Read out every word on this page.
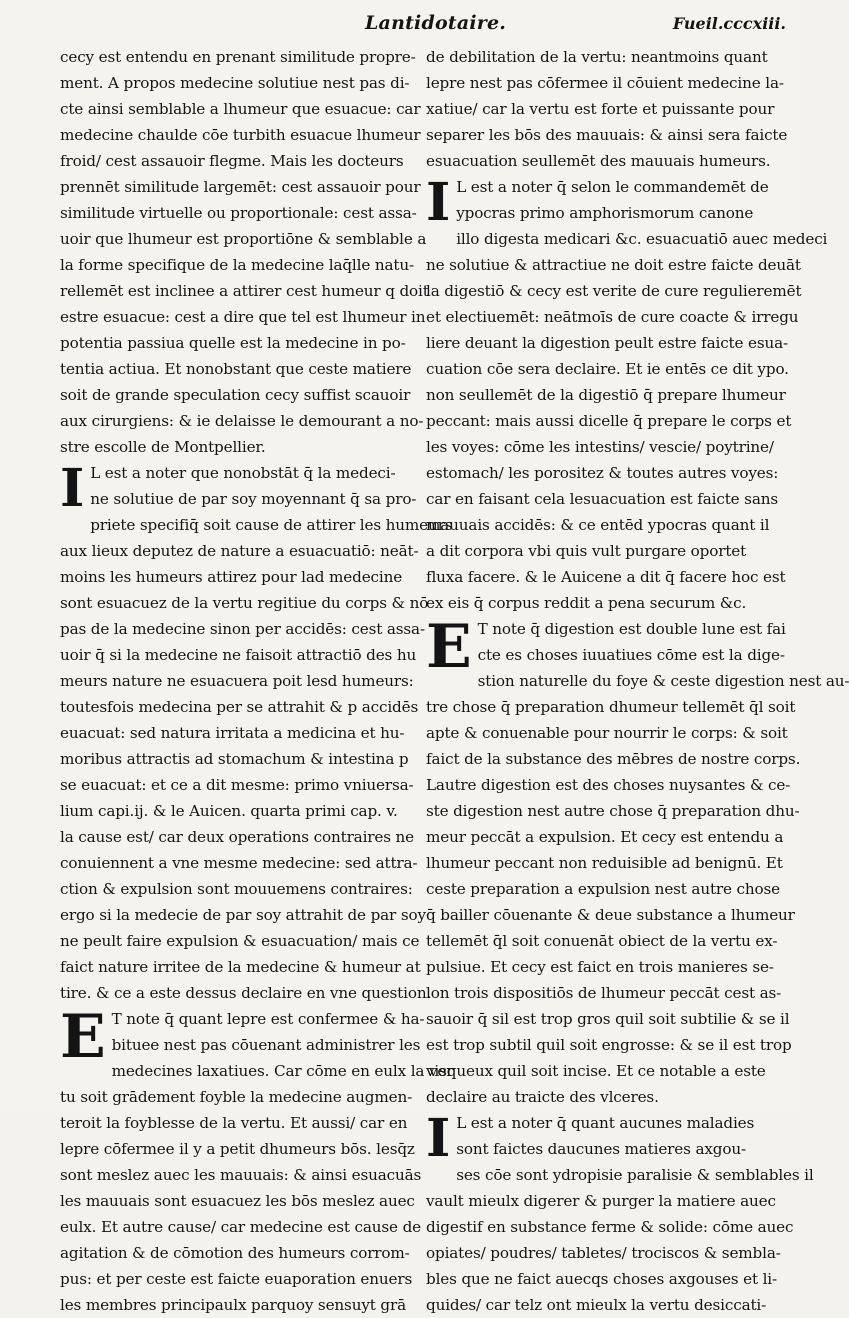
Lantidotaire.	Fueil.cccxiii.

cecy est entendu en prenant similitude propre-
ment. A propos medecine solutiue nest pas di-
cte ainsi semblable a lhumeur que esuacue: car
medecine chaulde cōe turbith esuacue lhumeur
froid/ cest assauoir flegme. Mais les docteurs
prennēt similitude largemēt: cest assauoir pour
similitude virtuelle ou proportionale: cest assa-
uoir que lhumeur est proportiōne & semblable a
la forme specifique de la medecine laq̄lle natu-
rellemēt est inclinee a attirer cest humeur q doit
estre esuacue: cest a dire que tel est lhumeur in
potentia passiua quelle est la medecine in po-
tentia actiua. Et nonobstant que ceste matiere
soit de grande speculation cecy suffist scauoir
aux cirurgiens: & ie delaisse le demourant a no-
stre escolle de Montpellier.

I L est a noter que nonobstāt q̄ la medeci-
ne solutiue de par soy moyennant q̄ sa pro-
priete specifiq̄ soit cause de attirer les humeurs
aux lieux deputez de nature a esuacuatiō: neāt-
moins les humeurs attirez pour lad medecine
sont esuacuez de la vertu regitiue du corps & nō
pas de la medecine sinon per accidēs: cest assa-
uoir q̄ si la medecine ne faisoit attractiō des hu
meurs nature ne esuacuera poit lesd humeurs:
toutesfois medecina per se attrahit & p accidēs
euacuat: sed natura irritata a medicina et hu-
moribus attractis ad stomachum & intestina p
se euacuat: et ce a dit mesme: primo vniuersa-
lium capi.ij. & le Auicen. quarta primi cap. v.
la cause est/ car deux operations contraires ne
conuiennent a vne mesme medecine: sed attra-
ction & expulsion sont mouuemens contraires:
ergo si la medecie de par soy attrahit de par soy
ne peult faire expulsion & esuacuation/ mais ce
faict nature irritee de la medecine & humeur at
tire. & ce a este dessus declaire en vne question.

E T note q̄ quant lepre est confermee & ha-
bituee nest pas cōuenant administrer les
medecines laxatiues. Car cōme en eulx la ver
tu soit grādement foyble la medecine augmen-
teroit la foyblesse de la vertu. Et aussi/ car en
lepre cōfermee il y a petit dhumeurs bōs. lesq̄z
sont meslez auec les mauuais: & ainsi esuacuās
les mauuais sont esuacuez les bōs meslez auec
eulx. Et autre cause/ car medecine est cause de
agitation & de cōmotion des humeurs corrom-
pus: et per ceste est faicte euaporation enuers
les membres principaulx parquoy sensuyt grā

de debilitation de la vertu: neantmoins quant
lepre nest pas cōfermee il cōuient medecine la-
xatiue/ car la vertu est forte et puissante pour
separer les bōs des mauuais: & ainsi sera faicte
esuacuation seullemēt des mauuais humeurs.

I L est a noter q̄ selon le commandemēt de
ypocras primo amphorismorum canone
illo digesta medicari &c. esuacuatiō auec medeci
ne solutiue & attractiue ne doit estre faicte deuāt
la digestiō & cecy est verite de cure regulieremēt
et electiuemēt: neātmoīs de cure coacte & irregu
liere deuant la digestion peult estre faicte esua-
cuation cōe sera declaire. Et ie entēs ce dit ypo.
non seullemēt de la digestiō q̄ prepare lhumeur
peccant: mais aussi dicelle q̄ prepare le corps et
les voyes: cōme les intestins/ vescie/ poytrine/
estomach/ les porositez & toutes autres voyes:
car en faisant cela lesuacuation est faicte sans
mauuais accidēs: & ce entēd ypocras quant il
a dit corpora vbi quis vult purgare oportet
fluxa facere. & le Auicene a dit q̄ facere hoc est
ex eis q̄ corpus reddit a pena securum &c.

E T note q̄ digestion est double lune est fai
cte es choses iuuatiues cōme est la dige-
stion naturelle du foye & ceste digestion nest au-
tre chose q̄ preparation dhumeur tellemēt q̄l soit
apte & conuenable pour nourrir le corps: & soit
faict de la substance des mēbres de nostre corps.
Lautre digestion est des choses nuysantes & ce-
ste digestion nest autre chose q̄ preparation dhu-
meur peccāt a expulsion. Et cecy est entendu a
lhumeur peccant non reduisible ad benignū. Et
ceste preparation a expulsion nest autre chose
q̄ bailler cōuenante & deue substance a lhumeur
tellemēt q̄l soit conuenāt obiect de la vertu ex-
pulsiue. Et cecy est faict en trois manieres se-
lon trois dispositiōs de lhumeur peccāt cest as-
sauoir q̄ sil est trop gros quil soit subtilie & se il
est trop subtil quil soit engrosse: & se il est trop
visqueux quil soit incise. Et ce notable a este
declaire au traicte des vlceres.

I L est a noter q̄ quant aucunes maladies
sont faictes daucunes matieres axgou-
ses cōe sont ydropisie paralisie & semblables il
vault mieulx digerer & purger la matiere auec
digestif en substance ferme & solide: cōme auec
opiates/ poudres/ tabletes/ trociscos & sembla-
bles que ne faict auecqs choses axgouses et li-
quides/ car telz ont mieulx la vertu desiccati-
